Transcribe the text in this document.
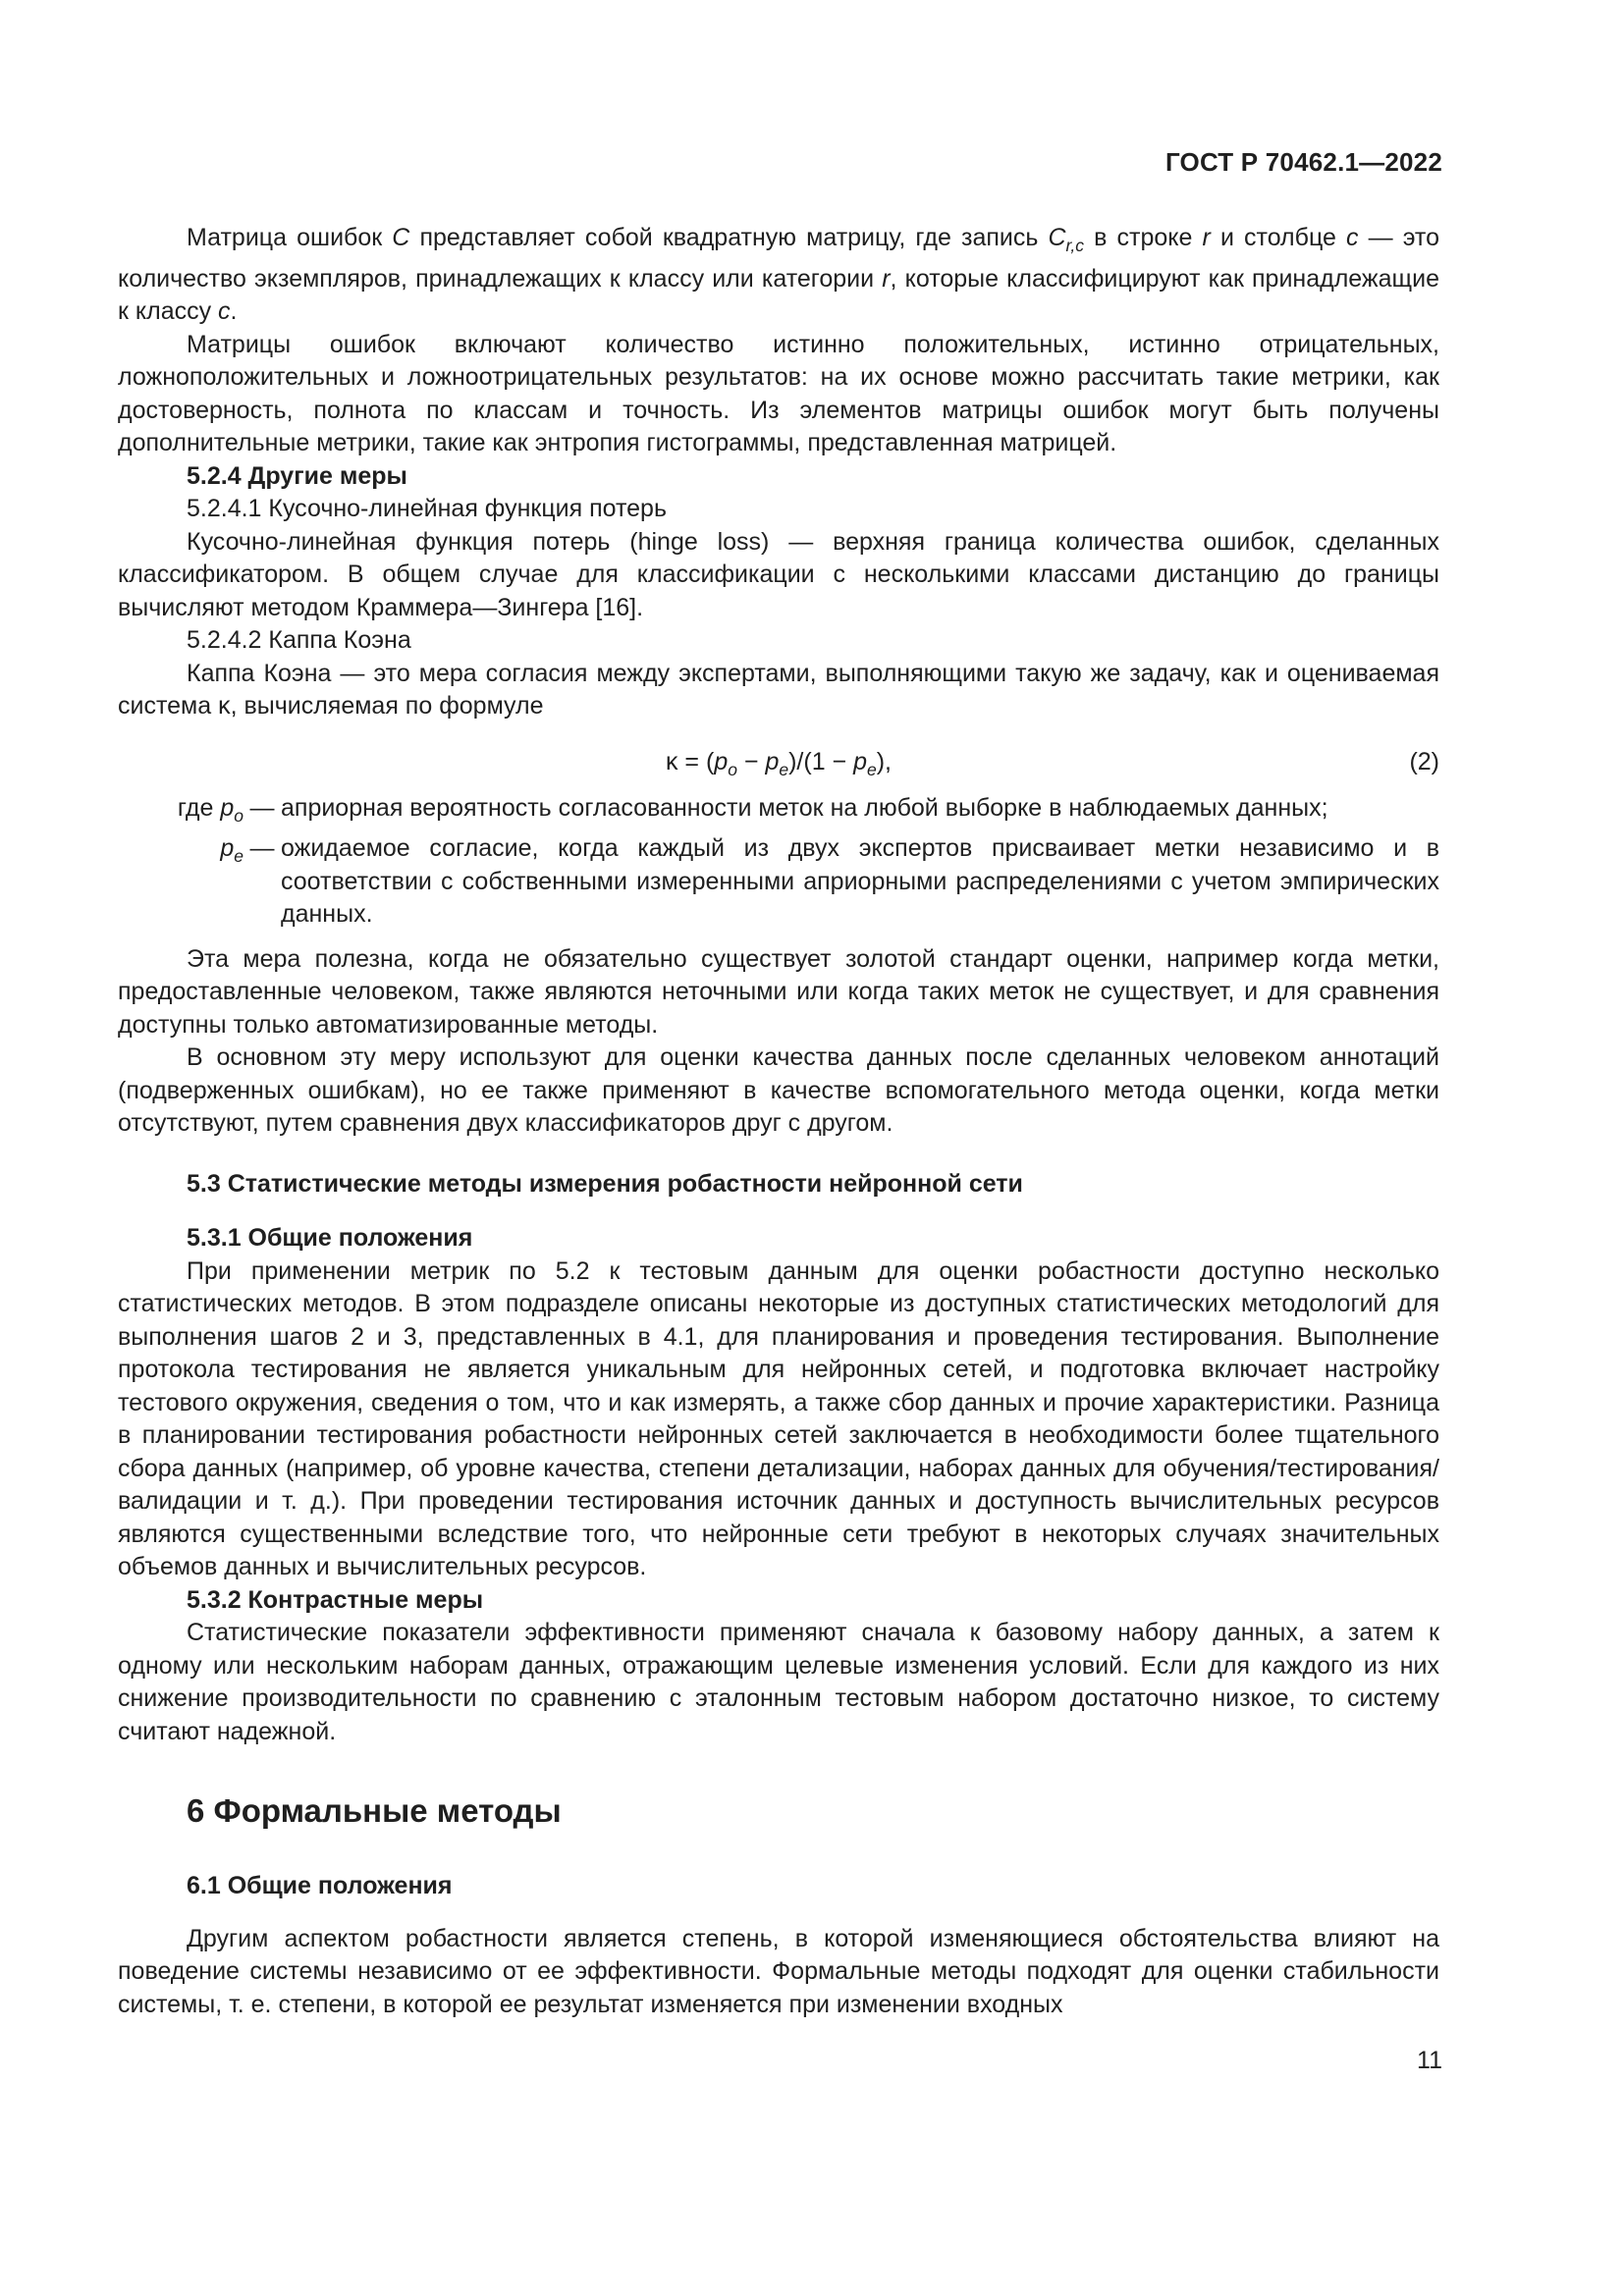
ГОСТ Р 70462.1—2022

Матрица ошибок C представляет собой квадратную матрицу, где запись $C_{r,c}$ в строке r и столбце c — это количество экземпляров, принадлежащих к классу или категории r, которые классифицируют как принадлежащие к классу c.

Матрицы ошибок включают количество истинно положительных, истинно отрицательных, ложноположительных и ложноотрицательных результатов: на их основе можно рассчитать такие метрики, как достоверность, полнота по классам и точность. Из элементов матрицы ошибок могут быть получены дополнительные метрики, такие как энтропия гистограммы, представленная матрицей.

5.2.4 Другие меры
5.2.4.1 Кусочно-линейная функция потерь

Кусочно-линейная функция потерь (hinge loss) — верхняя граница количества ошибок, сделанных классификатором. В общем случае для классификации с несколькими классами дистанцию до границы вычисляют методом Краммера—Зингера [16].

5.2.4.2 Каппа Коэна

Каппа Коэна — это мера согласия между экспертами, выполняющими такую же задачу, как и оцениваемая система κ, вычисляемая по формуле

$\kappa = (p_o - p_e)/(1 - p_e)$,	(2)
где $p_o$ — априорная вероятность согласованности меток на любой выборке в наблюдаемых данных;
$p_e$ — ожидаемое согласие, когда каждый из двух экспертов присваивает метки независимо и в соответствии с собственными измеренными априорными распределениями с учетом эмпирических данных.

Эта мера полезна, когда не обязательно существует золотой стандарт оценки, например когда метки, предоставленные человеком, также являются неточными или когда таких меток не существует, и для сравнения доступны только автоматизированные методы.

В основном эту меру используют для оценки качества данных после сделанных человеком аннотаций (подверженных ошибкам), но ее также применяют в качестве вспомогательного метода оценки, когда метки отсутствуют, путем сравнения двух классификаторов друг с другом.

5.3 Статистические методы измерения робастности нейронной сети
5.3.1 Общие положения

При применении метрик по 5.2 к тестовым данным для оценки робастности доступно несколько статистических методов. В этом подразделе описаны некоторые из доступных статистических методологий для выполнения шагов 2 и 3, представленных в 4.1, для планирования и проведения тестирования. Выполнение протокола тестирования не является уникальным для нейронных сетей, и подготовка включает настройку тестового окружения, сведения о том, что и как измерять, а также сбор данных и прочие характеристики. Разница в планировании тестирования робастности нейронных сетей заключается в необходимости более тщательного сбора данных (например, об уровне качества, степени детализации, наборах данных для обучения/тестирования/валидации и т. д.). При проведении тестирования источник данных и доступность вычислительных ресурсов являются существенными вследствие того, что нейронные сети требуют в некоторых случаях значительных объемов данных и вычислительных ресурсов.

5.3.2 Контрастные меры

Статистические показатели эффективности применяют сначала к базовому набору данных, а затем к одному или нескольким наборам данных, отражающим целевые изменения условий. Если для каждого из них снижение производительности по сравнению с эталонным тестовым набором достаточно низкое, то систему считают надежной.

6 Формальные методы
6.1 Общие положения

Другим аспектом робастности является степень, в которой изменяющиеся обстоятельства влияют на поведение системы независимо от ее эффективности. Формальные методы подходят для оценки стабильности системы, т. е. степени, в которой ее результат изменяется при изменении входных

11
